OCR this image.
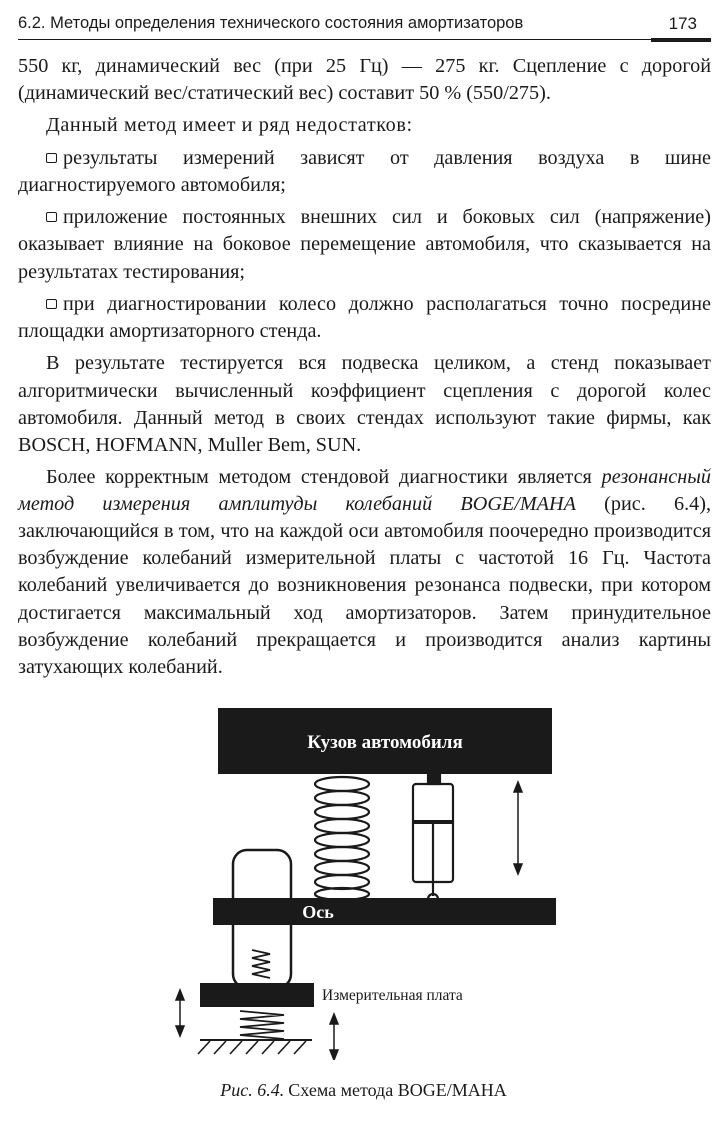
6.2. Методы определения технического состояния амортизаторов	173

550 кг, динамический вес (при 25 Гц) — 275 кг. Сцепление с дорогой (динамический вес/статический вес) составит 50 % (550/275).

Данный метод имеет и ряд недостатков:

результаты измерений зависят от давления воздуха в шине диагностируемого автомобиля;

приложение постоянных внешних сил и боковых сил (напряжение) оказывает влияние на боковое перемещение автомобиля, что сказывается на результатах тестирования;

при диагностировании колесо должно располагаться точно посредине площадки амортизаторного стенда.

В результате тестируется вся подвеска целиком, а стенд показывает алгоритмически вычисленный коэффициент сцепления с дорогой колес автомобиля. Данный метод в своих стендах используют такие фирмы, как BOSCH, HOFMANN, Muller Bem, SUN.

Более корректным методом стендовой диагностики является резонансный метод измерения амплитуды колебаний BOGE/MAHA (рис. 6.4), заключающийся в том, что на каждой оси автомобиля поочередно производится возбуждение колебаний измерительной платы с частотой 16 Гц. Частота колебаний увеличивается до возникновения резонанса подвески, при котором достигается максимальный ход амортизаторов. Затем принудительное возбуждение колебаний прекращается и производится анализ картины затухающих колебаний.

Кузов автомобиля
Ось
Измерительная плата
Рис. 6.4. Схема метода BOGE/MAHA
